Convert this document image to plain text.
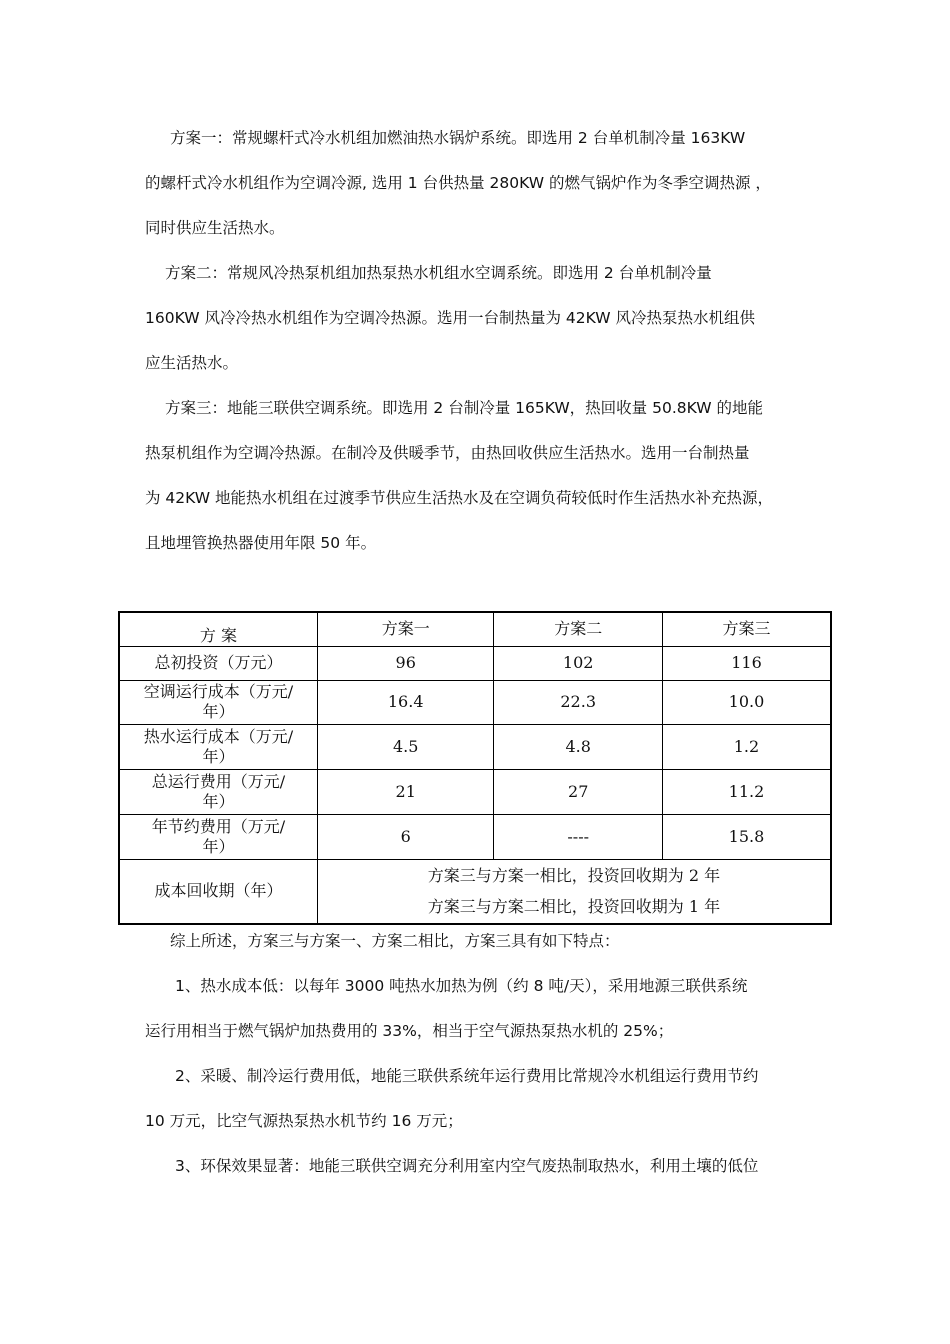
方案一：常规螺杆式冷水机组加燃油热水锅炉系统。即选用 2 台单机制冷量 163KW
的螺杆式冷水机组作为空调冷源, 选用 1 台供热量 280KW 的燃气锅炉作为冬季空调热源 ，
同时供应生活热水。
方案二：常规风冷热泵机组加热泵热水机组水空调系统。即选用 2 台单机制冷量
160KW 风冷冷热水机组作为空调冷热源。选用一台制热量为 42KW 风冷热泵热水机组供
应生活热水。
方案三：地能三联供空调系统。即选用 2 台制冷量 165KW，热回收量 50.8KW 的地能
热泵机组作为空调冷热源。在制冷及供暖季节，由热回收供应生活热水。选用一台制热量
为 42KW 地能热水机组在过渡季节供应生活热水及在空调负荷较低时作生活热水补充热源，
且地埋管换热器使用年限 50 年。
方 案	方案一	方案二	方案三
总初投资（万元）	96	102	116

空调运行成本（万元/
年）	16.4	22.3	10.0

热水运行成本（万元/
年）	4.5	4.8	1.2

总运行费用（万元/
年）	21	27	11.2

年节约费用（万元/
年）	6	----	15.8
成本回收期（年）	方案三与方案一相比，投资回收期为 2 年
方案三与方案二相比，投资回收期为 1 年		
综上所述，方案三与方案一、方案二相比，方案三具有如下特点：
1、热水成本低：以每年 3000 吨热水加热为例（约 8 吨/天），采用地源三联供系统
运行用相当于燃气锅炉加热费用的 33%，相当于空气源热泵热水机的 25%；
2、采暖、制冷运行费用低，地能三联供系统年运行费用比常规冷水机组运行费用节约
10 万元，比空气源热泵热水机节约 16 万元；
3、环保效果显著：地能三联供空调充分利用室内空气废热制取热水，利用土壤的低位
